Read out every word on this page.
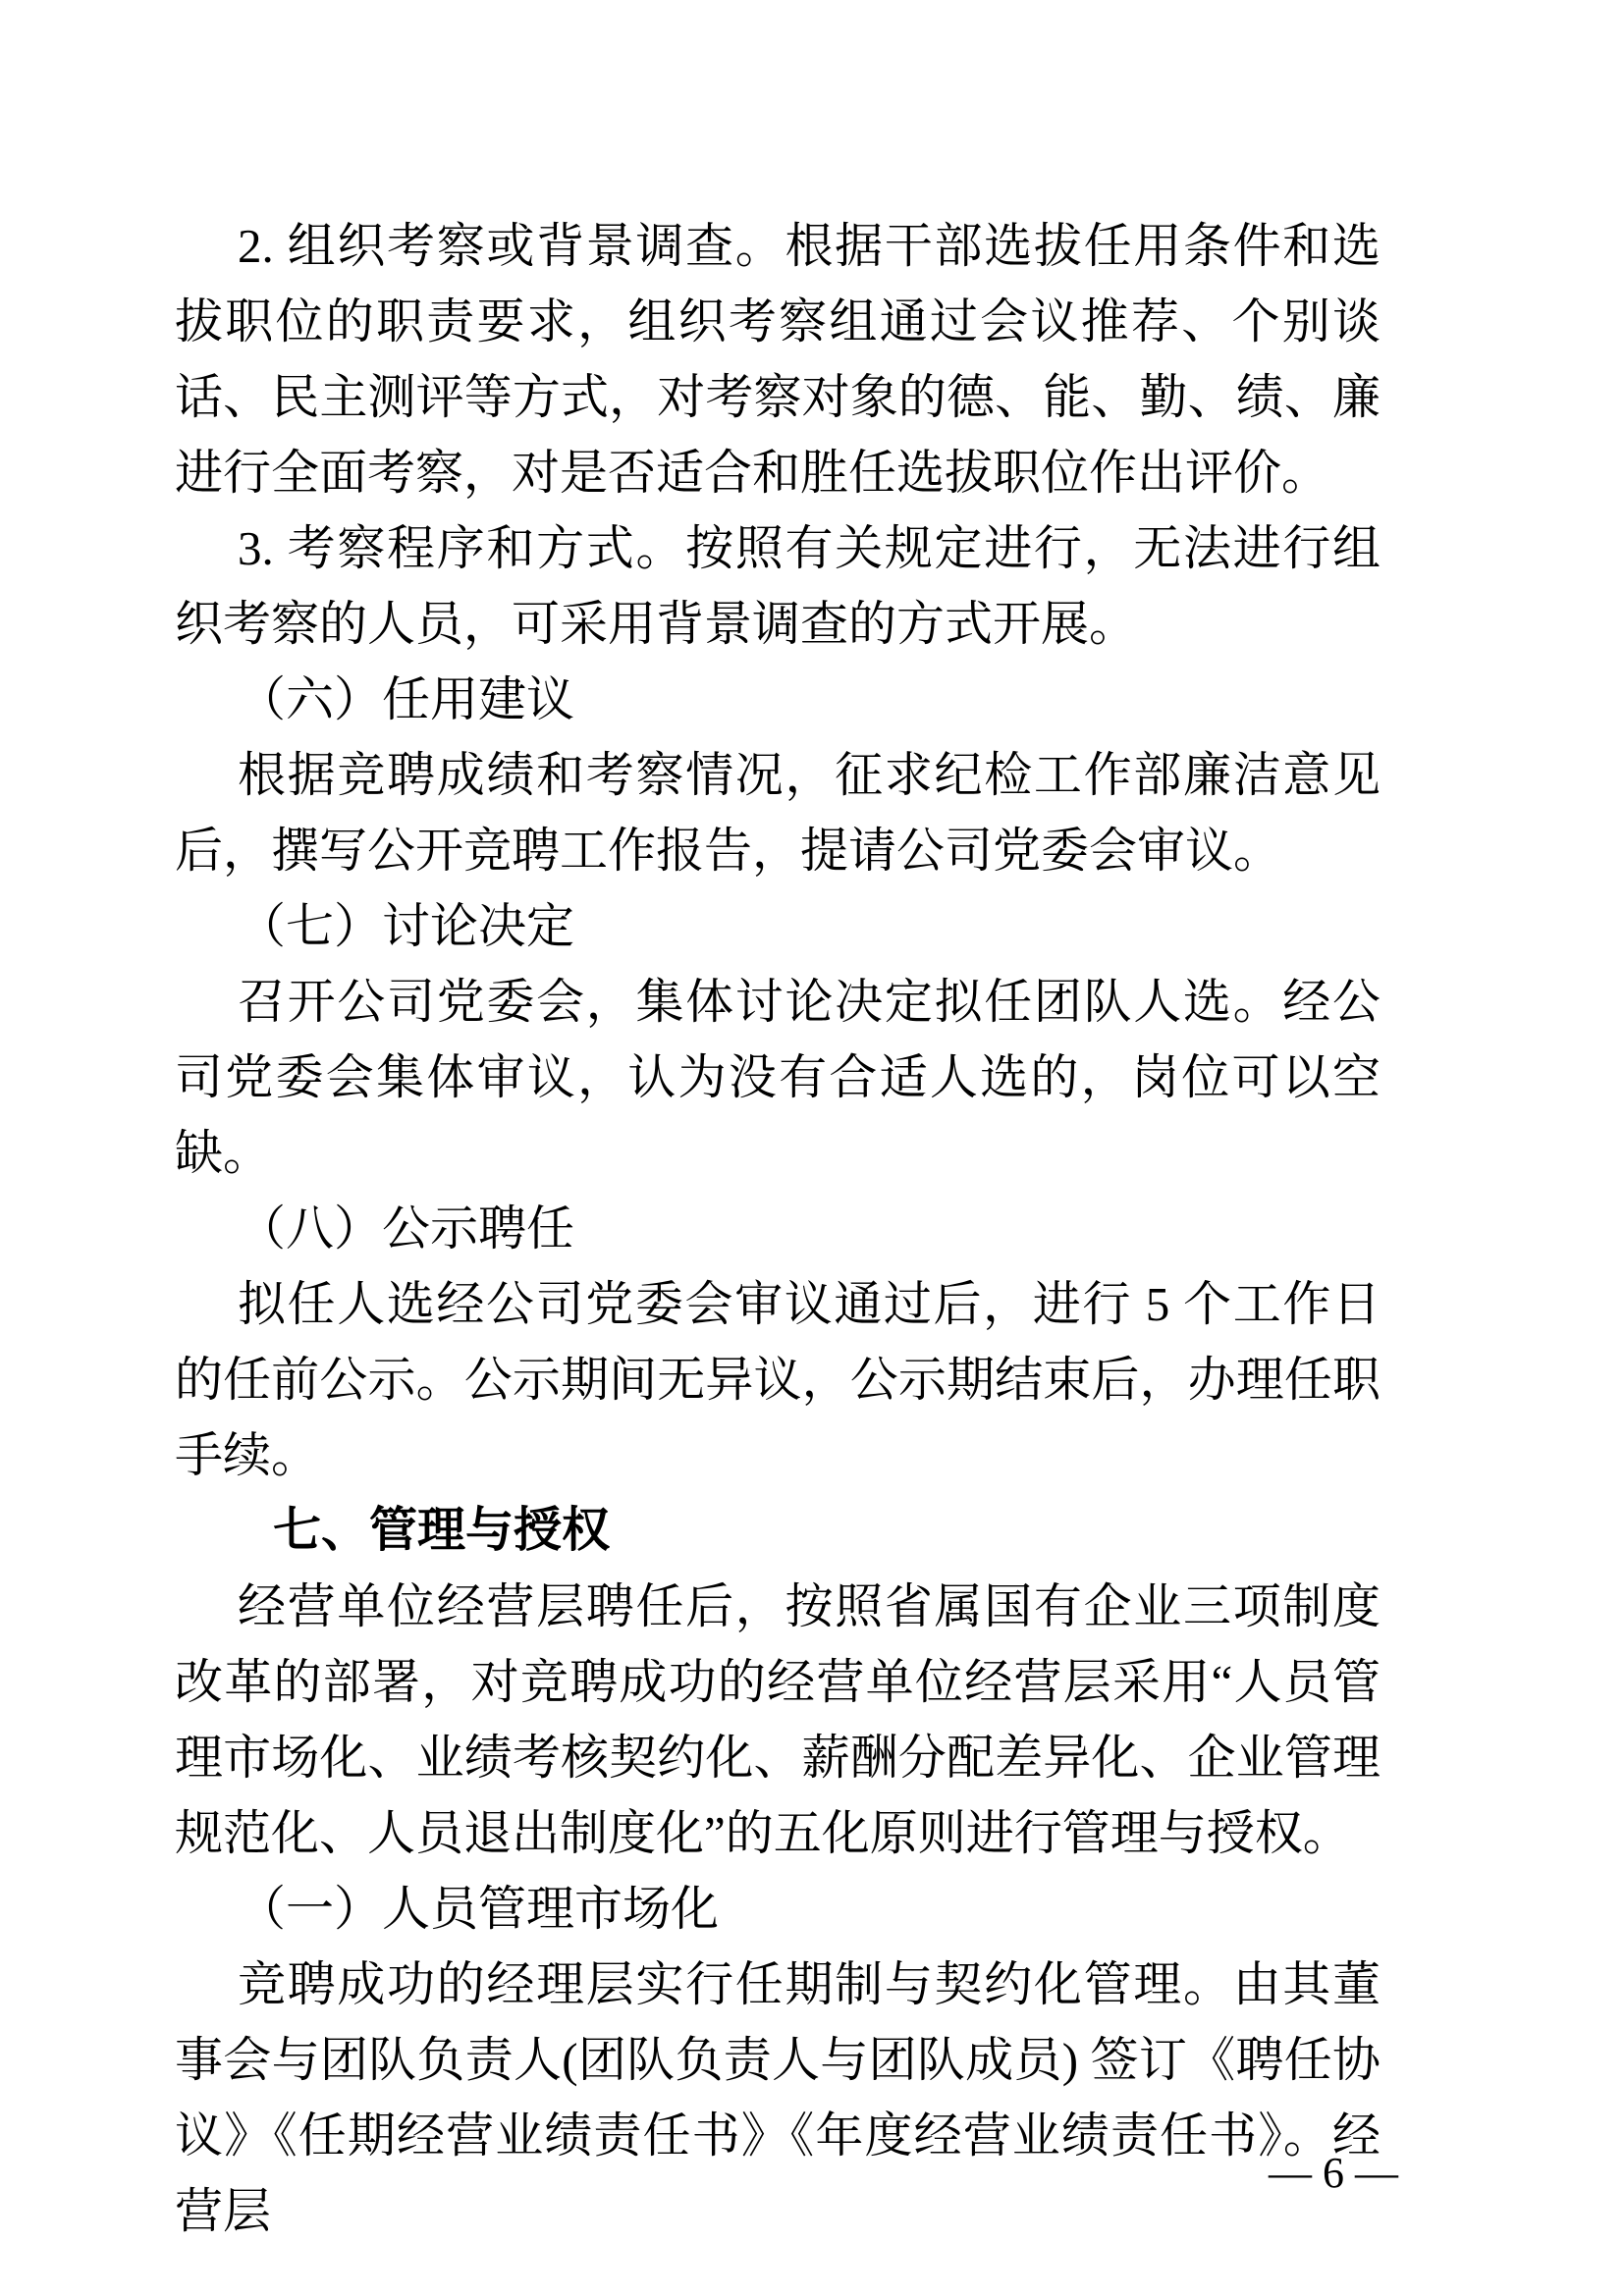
2. 组织考察或背景调查。根据干部选拔任用条件和选拔职位的职责要求，组织考察组通过会议推荐、个别谈话、民主测评等方式，对考察对象的德、能、勤、绩、廉进行全面考察，对是否适合和胜任选拔职位作出评价。

3. 考察程序和方式。按照有关规定进行，无法进行组织考察的人员，可采用背景调查的方式开展。

（六）任用建议

根据竞聘成绩和考察情况，征求纪检工作部廉洁意见后，撰写公开竞聘工作报告，提请公司党委会审议。

（七）讨论决定

召开公司党委会，集体讨论决定拟任团队人选。经公司党委会集体审议，认为没有合适人选的，岗位可以空缺。

（八）公示聘任

拟任人选经公司党委会审议通过后，进行 5 个工作日的任前公示。公示期间无异议，公示期结束后，办理任职手续。

七、管理与授权

经营单位经营层聘任后，按照省属国有企业三项制度改革的部署，对竞聘成功的经营单位经营层采用“人员管理市场化、业绩考核契约化、薪酬分配差异化、企业管理规范化、人员退出制度化”的五化原则进行管理与授权。

（一）人员管理市场化

竞聘成功的经理层实行任期制与契约化管理。由其董事会与团队负责人(团队负责人与团队成员) 签订《聘任协议》《任期经营业绩责任书》《年度经营业绩责任书》。经营层

— 6 —
